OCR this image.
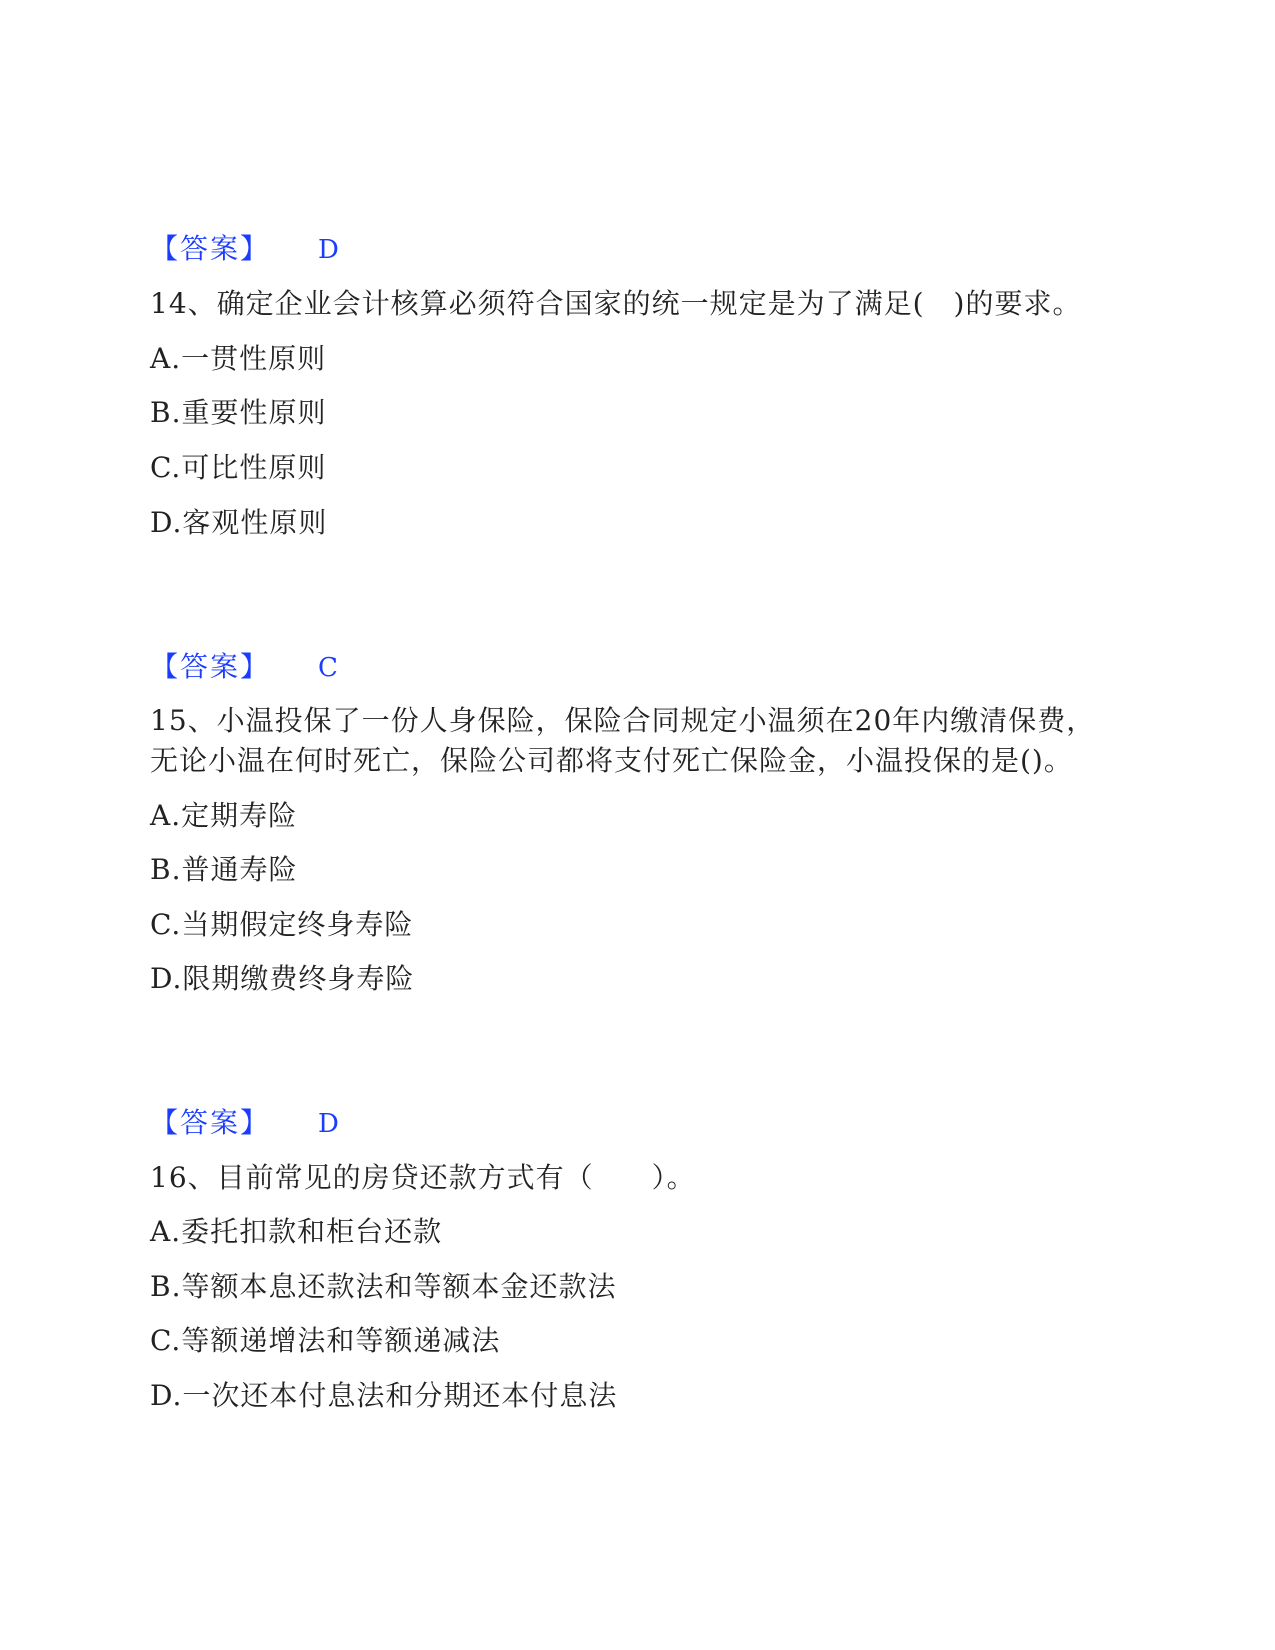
【答案】 D
14、确定企业会计核算必须符合国家的统一规定是为了满足(　)的要求。
A.一贯性原则
B.重要性原则
C.可比性原则
D.客观性原则
【答案】 C
15、小温投保了一份人身保险，保险合同规定小温须在20年内缴清保费，
无论小温在何时死亡，保险公司都将支付死亡保险金，小温投保的是()。
A.定期寿险
B.普通寿险
C.当期假定终身寿险
D.限期缴费终身寿险
【答案】 D
16、目前常见的房贷还款方式有（　　）。
A.委托扣款和柜台还款
B.等额本息还款法和等额本金还款法
C.等额递增法和等额递减法
D.一次还本付息法和分期还本付息法
